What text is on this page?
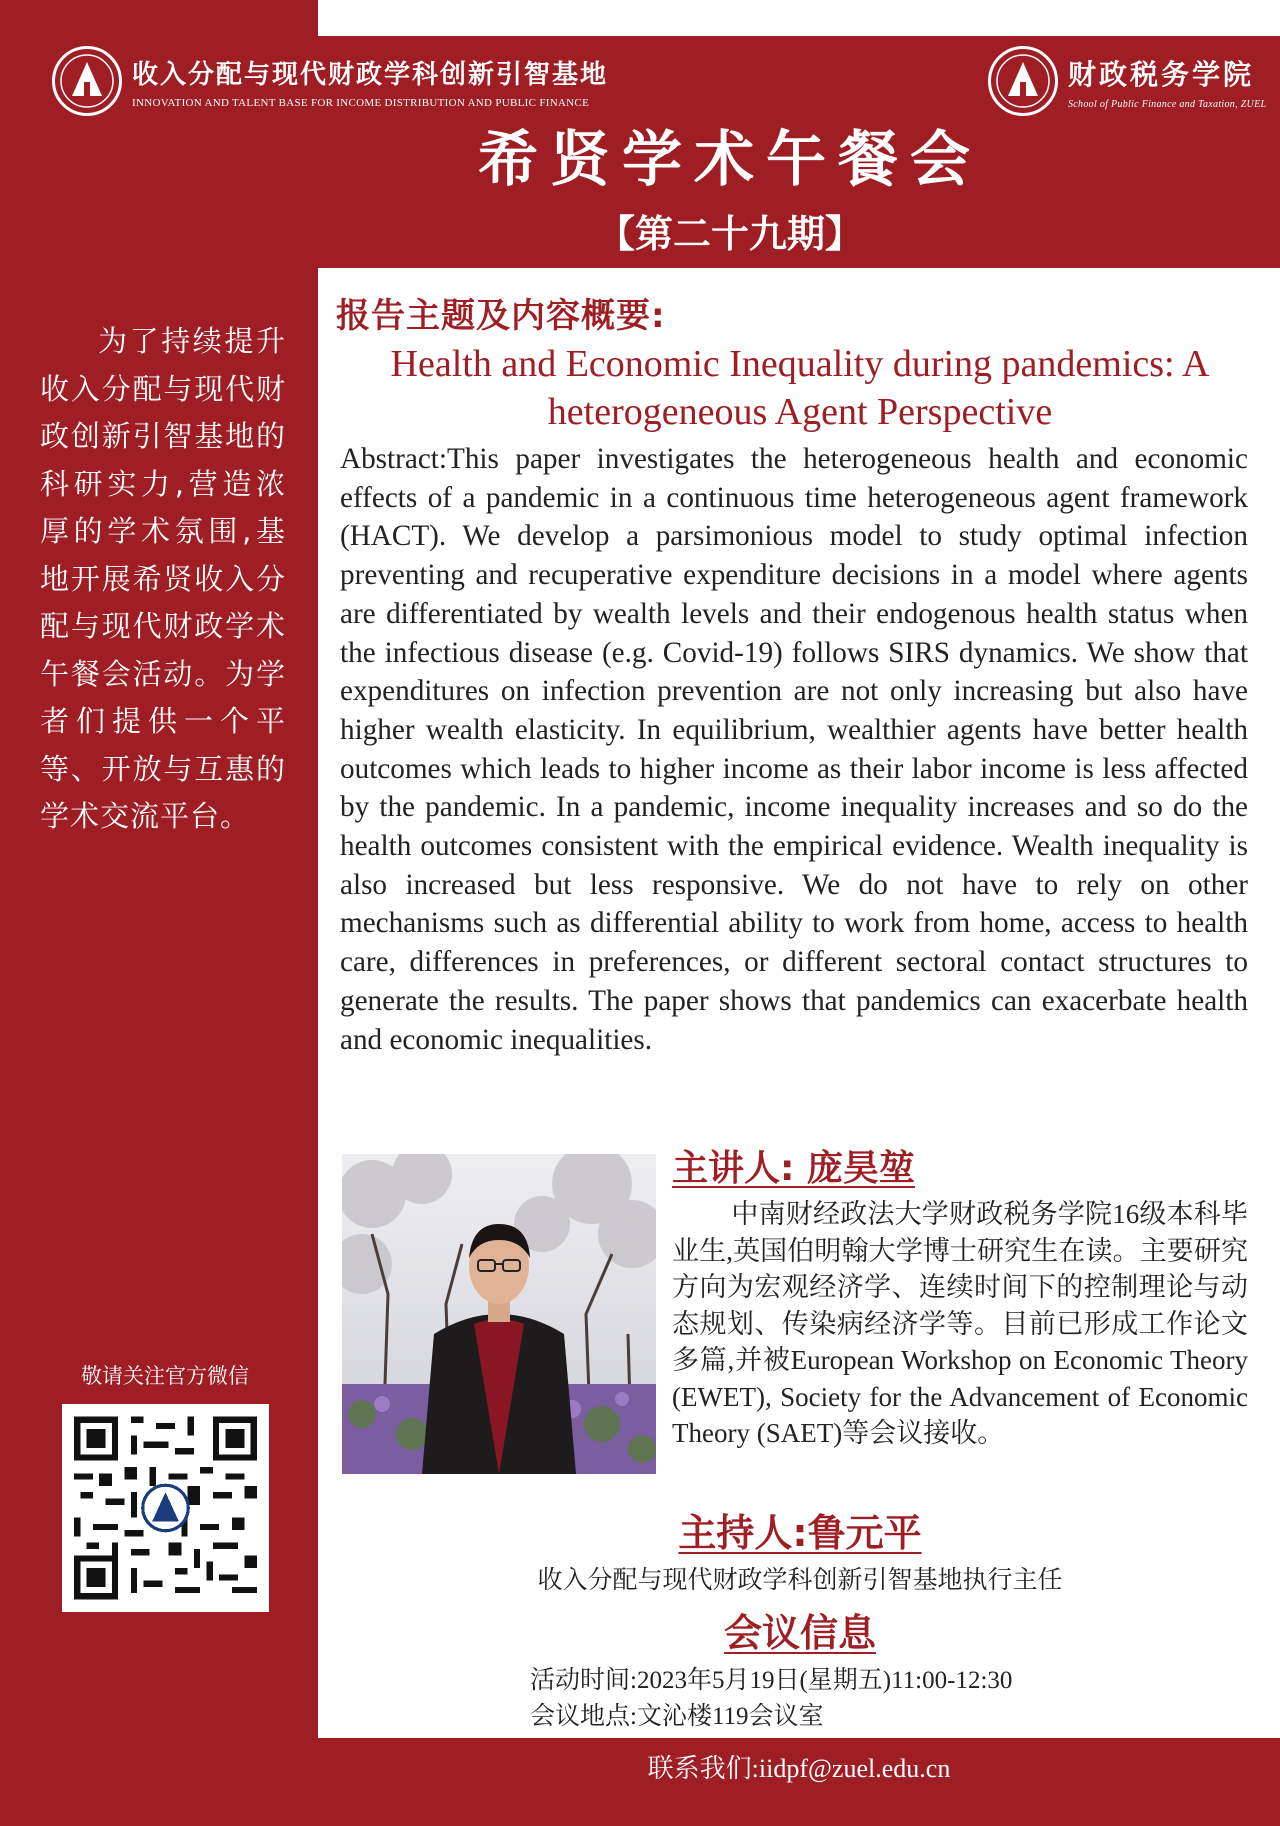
收入分配与现代财政学科创新引智基地
INNOVATION AND TALENT BASE FOR INCOME DISTRIBUTION AND PUBLIC FINANCE
财政税务学院
School of Public Finance and Taxation, ZUEL
希贤学术午餐会
【第二十九期】
为了持续提升收入分配与现代财政创新引智基地的科研实力,营造浓厚的学术氛围,基地开展希贤收入分配与现代财政学术午餐会活动。为学者们提供一个平等、开放与互惠的学术交流平台。
敬请关注官方微信
报告主题及内容概要:
Health and Economic Inequality during pandemics: A heterogeneous Agent Perspective
Abstract:This paper investigates the heterogeneous health and economic effects of a pandemic in a continuous time heterogeneous agent framework (HACT). We develop a parsimonious model to study optimal infection preventing and recuperative expenditure decisions in a model where agents are differentiated by wealth levels and their endogenous health status when the infectious disease (e.g. Covid-19) follows SIRS dynamics. We show that expenditures on infection prevention are not only increasing but also have higher wealth elasticity. In equilibrium, wealthier agents have better health outcomes which leads to higher income as their labor income is less affected by the pandemic. In a pandemic, income inequality increases and so do the health outcomes consistent with the empirical evidence. Wealth inequality is also increased but less responsive. We do not have to rely on other mechanisms such as differential ability to work from home, access to health care, differences in preferences, or different sectoral contact structures to generate the results. The paper shows that pandemics can exacerbate health and economic inequalities.
主讲人: 庞昊堃
中南财经政法大学财政税务学院16级本科毕业生,英国伯明翰大学博士研究生在读。主要研究方向为宏观经济学、连续时间下的控制理论与动态规划、传染病经济学等。目前已形成工作论文多篇,并被European Workshop on Economic Theory (EWET), Society for the Advancement of Economic Theory (SAET)等会议接收。
主持人:鲁元平
收入分配与现代财政学科创新引智基地执行主任
会议信息
活动时间:2023年5月19日(星期五)11:00-12:30
会议地点:文沁楼119会议室
联系我们:iidpf@zuel.edu.cn
